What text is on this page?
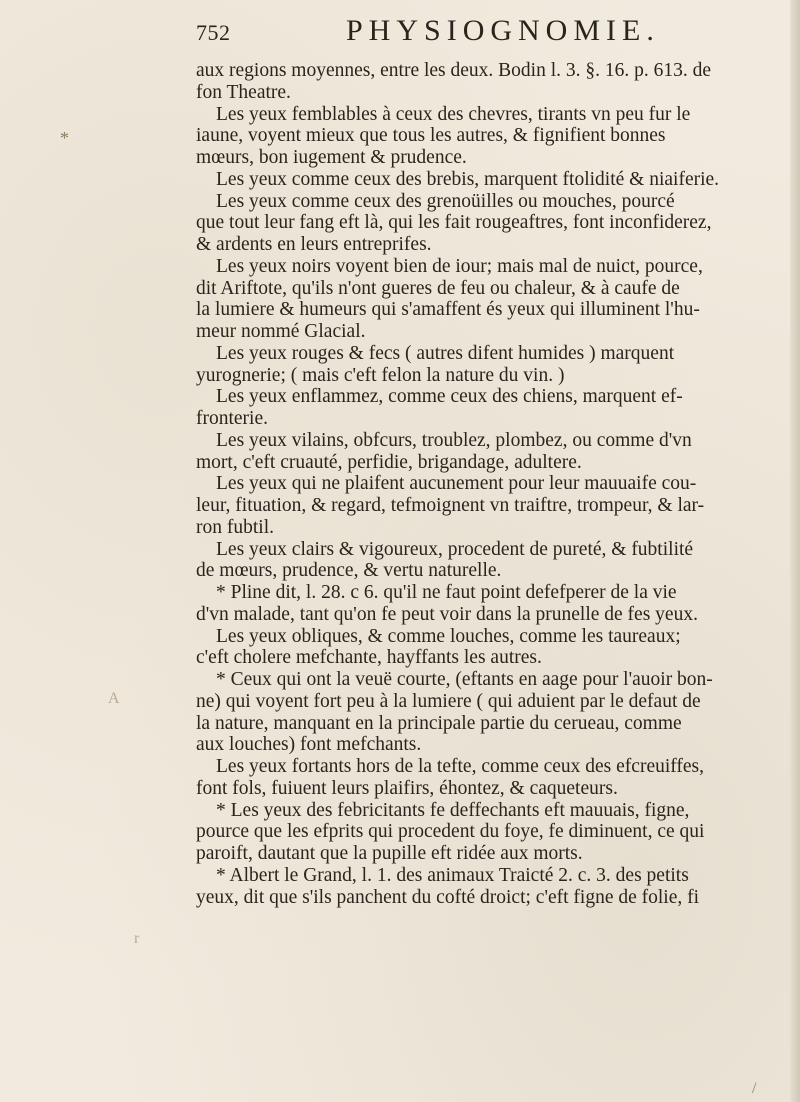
752	PHYSIOGNOMIE.
*
A
r
/
aux regions moyennes, entre les deux. Bodin l. 3. §. 16. p. 613. de
fon Theatre.
Les yeux femblables à ceux des chevres, tirants vn peu fur le
iaune, voyent mieux que tous les autres, & fignifient bonnes
mœurs, bon iugement & prudence.
Les yeux comme ceux des brebis, marquent ftolidité & niaiferie.
Les yeux comme ceux des grenoüilles ou mouches, pourcé
que tout leur fang eft là, qui les fait rougeaftres, font inconfiderez,
& ardents en leurs entreprifes.
Les yeux noirs voyent bien de iour; mais mal de nuict, pource,
dit Ariftote, qu'ils n'ont gueres de feu ou chaleur, & à caufe de
la lumiere & humeurs qui s'amaffent és yeux qui illuminent l'hu-
meur nommé Glacial.
Les yeux rouges & fecs ( autres difent humides ) marquent
yurognerie; ( mais c'eft felon la nature du vin. )
Les yeux enflammez, comme ceux des chiens, marquent ef-
fronterie.
Les yeux vilains, obfcurs, troublez, plombez, ou comme d'vn
mort, c'eft cruauté, perfidie, brigandage, adultere.
Les yeux qui ne plaifent aucunement pour leur mauuaife cou-
leur, fituation, & regard, tefmoignent vn traiftre, trompeur, & lar-
ron fubtil.
Les yeux clairs & vigoureux, procedent de pureté, & fubtilité
de mœurs, prudence, & vertu naturelle.
* Pline dit, l. 28. c 6. qu'il ne faut point defefperer de la vie
d'vn malade, tant qu'on fe peut voir dans la prunelle de fes yeux.
Les yeux obliques, & comme louches, comme les taureaux;
c'eft cholere mefchante, hayffants les autres.
* Ceux qui ont la veuë courte, (eftants en aage pour l'auoir bon-
ne) qui voyent fort peu à la lumiere ( qui aduient par le defaut de
la nature, manquant en la principale partie du cerueau, comme
aux louches) font mefchants.
Les yeux fortants hors de la tefte, comme ceux des efcreuiffes,
font fols, fuiuent leurs plaifirs, éhontez, & caqueteurs.
* Les yeux des febricitants fe deffechants eft mauuais, figne,
pource que les efprits qui procedent du foye, fe diminuent, ce qui
paroift, dautant que la pupille eft ridée aux morts.
* Albert le Grand, l. 1. des animaux Traicté 2. c. 3. des petits
yeux, dit que s'ils panchent du cofté droict; c'eft figne de folie, fi
